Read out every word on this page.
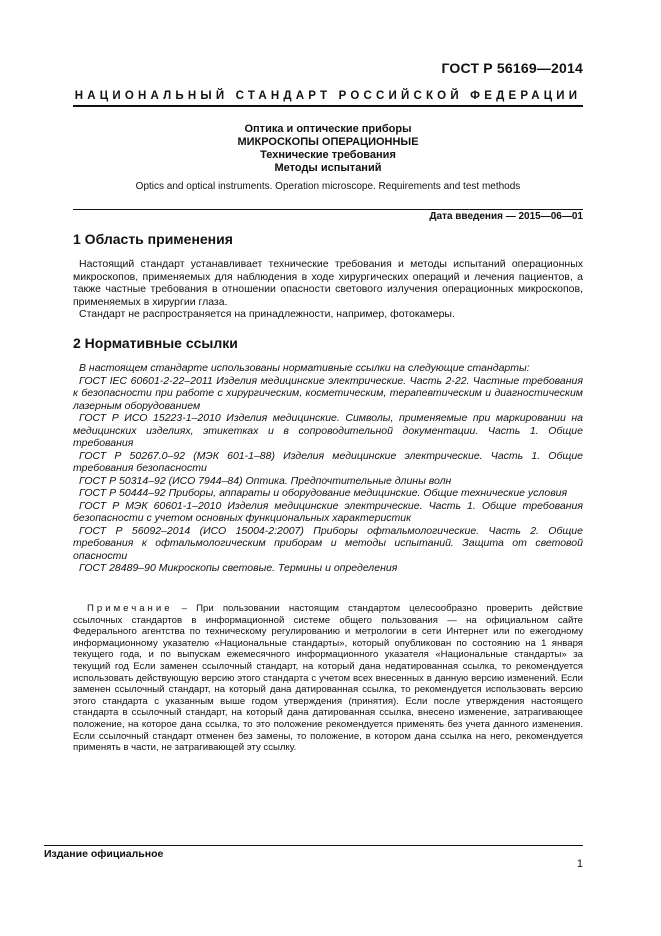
ГОСТ Р 56169—2014
НАЦИОНАЛЬНЫЙ СТАНДАРТ РОССИЙСКОЙ ФЕДЕРАЦИИ
Оптика и оптические приборы
МИКРОСКОПЫ ОПЕРАЦИОННЫЕ
Технические требования
Методы испытаний
Optics and optical instruments. Operation microscope. Requirements and test methods
Дата введения — 2015—06—01
1 Область применения

Настоящий стандарт устанавливает технические требования и методы испытаний операционных микроскопов, применяемых для наблюдения в ходе хирургических операций и лечения пациентов, а также частные требования в отношении опасности светового излучения операционных микроскопов, применяемых в хирургии глаза.

Стандарт не распространяется на принадлежности, например, фотокамеры.

2 Нормативные ссылки

В настоящем стандарте использованы нормативные ссылки на следующие стандарты:

ГОСТ IEC 60601-2-22–2011 Изделия медицинские электрические. Часть 2-22. Частные требования к безопасности при работе с хирургическим, косметическим, терапевтическим и диагностическим лазерным оборудованием

ГОСТ Р ИСО 15223-1–2010 Изделия медицинские. Символы, применяемые при маркировании на медицинских изделиях, этикетках и в сопроводительной документации. Часть 1. Общие требования

ГОСТ Р 50267.0–92 (МЭК 601-1–88) Изделия медицинские электрические. Часть 1. Общие требования безопасности

ГОСТ Р 50314–92 (ИСО 7944–84) Оптика. Предпочтительные длины волн

ГОСТ Р 50444–92 Приборы, аппараты и оборудование медицинские. Общие технические условия

ГОСТ Р МЭК 60601-1–2010 Изделия медицинские электрические. Часть 1. Общие требования безопасности с учетом основных функциональных характеристик

ГОСТ Р 56092–2014 (ИСО 15004-2:2007) Приборы офтальмологические. Часть 2. Общие требования к офтальмологическим приборам и методы испытаний. Защита от световой опасности

ГОСТ 28489–90 Микроскопы световые. Термины и определения

Примечание – При пользовании настоящим стандартом целесообразно проверить действие ссылочных стандартов в информационной системе общего пользования — на официальном сайте Федерального агентства по техническому регулированию и метрологии в сети Интернет или по ежегодному информационному указателю «Национальные стандарты», который опубликован по состоянию на 1 января текущего года, и по выпускам ежемесячного информационного указателя «Национальные стандарты» за текущий год Если заменен ссылочный стандарт, на который дана недатированная ссылка, то рекомендуется использовать действующую версию этого стандарта с учетом всех внесенных в данную версию изменений. Если заменен ссылочный стандарт, на который дана датированная ссылка, то рекомендуется использовать версию этого стандарта с указанным выше годом утверждения (принятия). Если после утверждения настоящего стандарта в ссылочный стандарт, на который дана датированная ссылка, внесено изменение, затрагивающее положение, на которое дана ссылка, то это положение рекомендуется применять без учета данного изменения. Если ссылочный стандарт отменен без замены, то положение, в котором дана ссылка на него, рекомендуется применять в части, не затрагивающей эту ссылку.

Издание официальное
1
